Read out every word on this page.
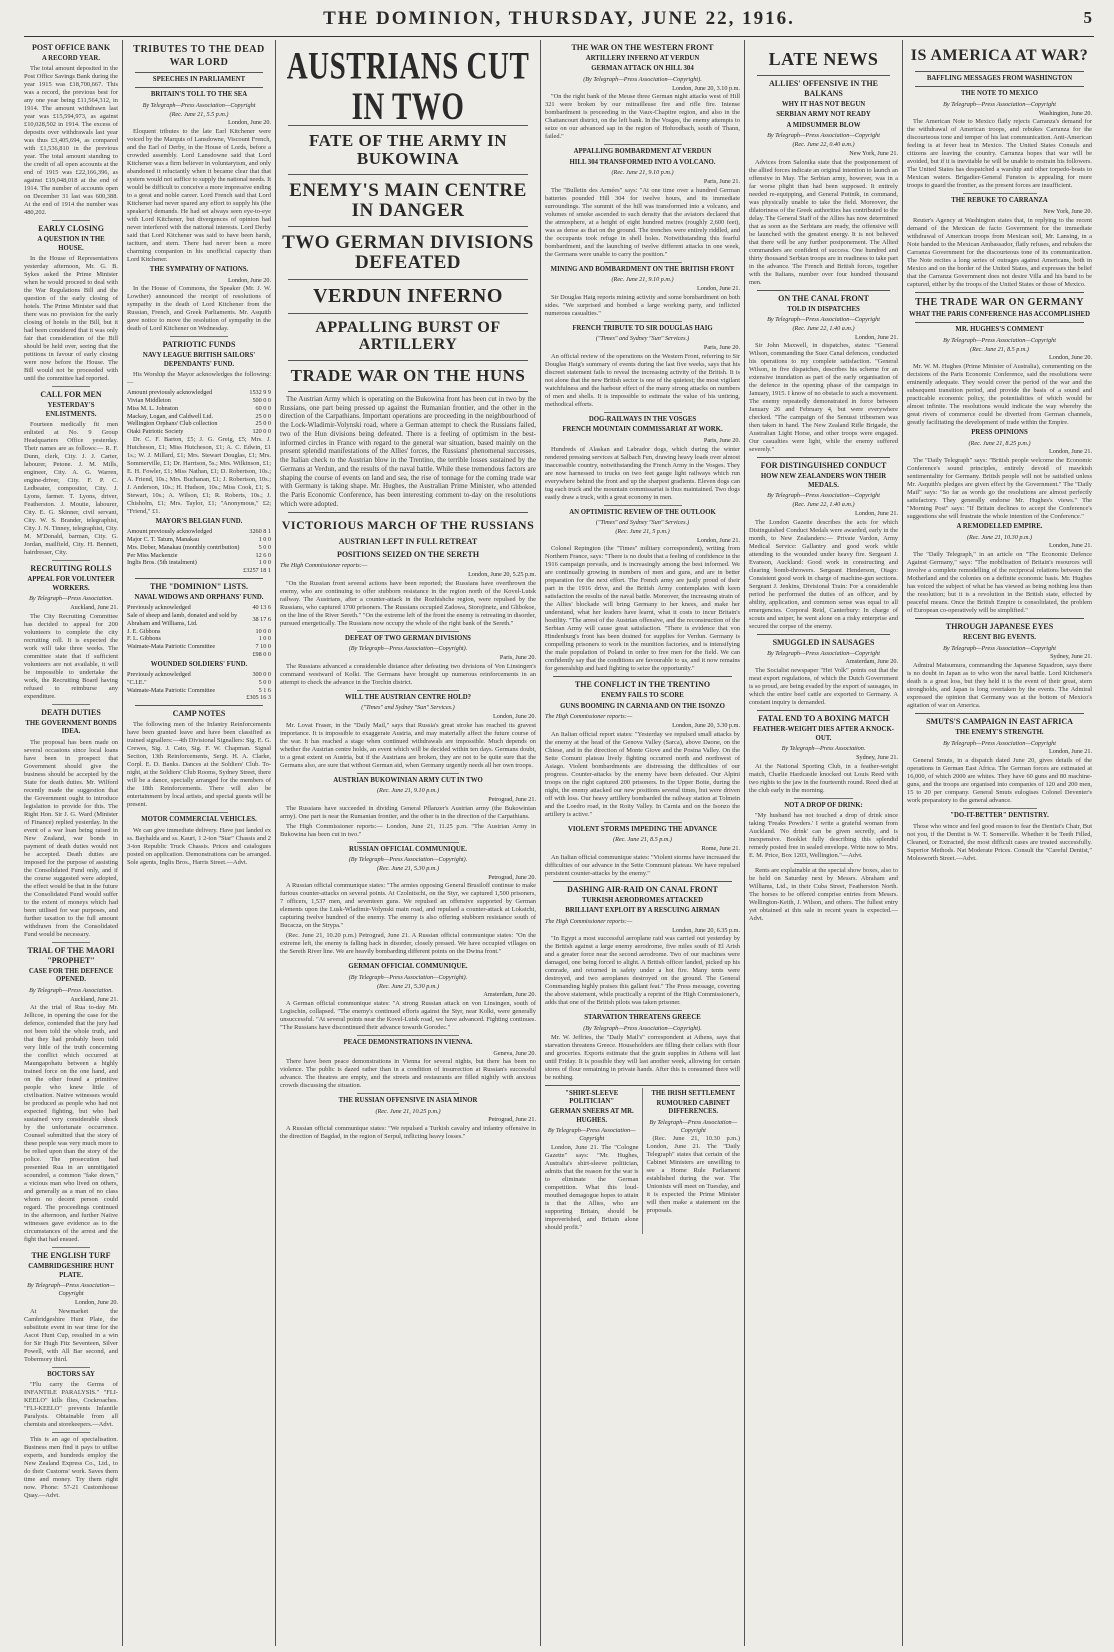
THE DOMINION, THURSDAY, JUNE 22, 1916.	5
POST OFFICE BANK
A RECORD YEAR.

The total amount deposited in the Post Office Savings Bank during the year 1915 was £18,700,667. This was a record, the previous best for any one year being £11,564,312, in 1914. The amount withdrawn last year was £15,594,973, as against £10,028,502 in 1914. The excess of deposits over withdrawals last year was thus £3,405,694, as compared with £1,536,810 in the previous year. The total amount standing to the credit of all open accounts at the end of 1915 was £22,166,396, as against £19,048,018 at the end of 1914. The number of accounts open on December 31 last was 600,388. At the end of 1914 the number was 480,202.

EARLY CLOSING
A QUESTION IN THE HOUSE.

In the House of Representatives yesterday afternoon, Mr. G. B. Sykes asked the Prime Minister when he would proceed to deal with the War Regulations Bill and the question of the early closing of hotels. The Prime Minister said that there was no provision for the early closing of hotels in the Bill, but it had been considered that it was only fair that consideration of the Bill should be held over, seeing that the petitions in favour of early closing were now before the House. The Bill would not be proceeded with until the committee had reported.

CALL FOR MEN
YESTERDAY'S ENLISTMENTS.

Fourteen medically fit men enlisted at No. 9 Group Headquarters Office yesterday. Their names are as follows:— R. F. Dunn, clerk, City. J. J. Carter, labourer, Petone. J. M. Mills, engineer, City. A. G. Warren, engine-driver, City. F. P. C. Ledbeater, compositor, City. J. Lyons, farmer. T. Lyons, driver, Featherston. J. Moutie, labourer, City. E. G. Skinner, civil servant, City. W. S. Brander, telegraphist, City. J. N. Tinney, telegraphist, City. M. M'Donald, barman, City. G. Jordan, mailfield, City. H. Bennett, hairdresser, City.

RECRUITING ROLLS
APPEAL FOR VOLUNTEER WORKERS.
By Telegraph—Press Association.
Auckland, June 21.

The City Recruiting Committee has decided to appeal for 200 volunteers to complete the city recruiting roll. It is expected the work will take three weeks. The committee state that if sufficient volunteers are not available, it will be impossible to undertake the work, the Recruiting Board having refused to reimburse any expenditure.

DEATH DUTIES
THE GOVERNMENT BONDS IDEA.

The proposal has been made on several occasions since local loans have been in prospect that Government should give the business should be accepted by the State for death duties. Mr. Wilford recently made the suggestion that the Government ought to introduce legislation to provide for this. The Right Hon. Sir J. G. Ward (Minister of Finance) replied yesterday. In the event of a war loan being raised in New Zealand, war bonds in payment of death duties would not be accepted. Death duties are imposed for the purpose of assisting the Consolidated Fund only, and if the course suggested were adopted, the effect would be that in the future the Consolidated Fund would suffer to the extent of moneys which had been utilised for war purposes, and further taxation to the full amount withdrawn from the Consolidated Fund would be necessary.

TRIAL OF THE MAORI "PROPHET"
CASE FOR THE DEFENCE OPENED.
By Telegraph—Press Association.
Auckland, June 21.

At the trial of Rua to-day Mr. Jellicoe, in opening the case for the defence, contended that the jury had not been told the whole truth, and that they had probably been told very little of the truth concerning the conflict which occurred at Maungapohatu between a highly trained force on the one hand, and on the other found a primitive people who knew little of civilisation. Native witnesses would be produced as people who had not expected fighting, but who had sustained very considerable shock by the unfortunate occurrence. Counsel submitted that the story of these people was very much more to be relied upon than the story of the police. The prosecution had presented Rua in an unmitigated scoundrel, a common "fake down," a vicious man who lived on others, and generally as a man of no class whom no decent person could regard. The proceedings continued in the afternoon, and further Native witnesses gave evidence as to the circumstances of the arrest and the fight that had ensued.

THE ENGLISH TURF
CAMBRIDGESHIRE HUNT PLATE.
By Telegraph—Press Association—Copyright
London, June 20.

At Newmarket the Cambridgeshire Hunt Plate, the substitute event in war time for the Ascot Hunt Cup, resulted in a win for Sir Hugh Fitz Seventeen, Silver Powell, with All Bar second, and Tobermory third.

BOCTORS SAY

"Flu carry the Germs of INFANTILE PARALYSIS." "FLI-KEELO" kills flies, Cockroaches. "FLI-KEELO" prevents Infantile Paralysis. Obtainable from all chemists and storekeepers.—Advt.

This is an age of specialisation. Business men find it pays to utilise experts, and hundreds employ the New Zealand Express Co., Ltd., to do their Customs' work. Saves them time and money. Try them right now. Phone: 57-21 Customhouse Quay.—Advt.

TRIBUTES TO THE DEAD WAR LORD
SPEECHES IN PARLIAMENT
BRITAIN'S TOLL TO THE SEA
By Telegraph—Press Association—Copyright
(Rec. June 21, 5.5 p.m.)
London, June 20.

Eloquent tributes to the late Earl Kitchener were voiced by the Marquis of Lansdowne, Viscount French, and the Earl of Derby, in the House of Lords, before a crowded assembly. Lord Lansdowne said that Lord Kitchener was a firm believer in voluntaryism, and only abandoned it reluctantly when it became clear that that system would not suffice to supply the national needs. It would be difficult to conceive a more impressive ending to a great and noble career. Lord French said that Lord Kitchener had never spared any effort to supply his (the speaker's) demands. He had set always seen eye-to-eye with Lord Kitchener, but divergences of opinion had never interfered with the national interests. Lord Derby said that Lord Kitchener was said to have been harsh, taciturn, and stern. There had never been a more charming companion in his unofficial capacity than Lord Kitchener.

THE SYMPATHY OF NATIONS.
London, June 20.

In the House of Commons, the Speaker (Mr. J. W. Lowther) announced the receipt of resolutions of sympathy in the death of Lord Kitchener from the Russian, French, and Greek Parliaments. Mr. Asquith gave notice to move the resolution of sympathy in the death of Lord Kitchener on Wednesday.

PATRIOTIC FUNDS
NAVY LEAGUE BRITISH SAILORS' DEPENDANTS' FUND.

His Worship the Mayor acknowledges the following:—

Amount previously acknowledged	1532 9 9
Vivian Middleton	500 0 0
Miss M. L. Johnston	60 0 0
Mackay, Logan, and Caldwell Ltd.	25 0 0
Wellington Orphans' Club collection	25 0 0
Otaki Patriotic Society	120 0 0

Dr. C. F. Barton, £5; J. G. Greig, £5; Mrs. J. Hutcheson, £1; Miss Hutcheson, £1; A. C. Edwin, £1 1s.; W. J. Millard, £1; Mrs. Stewart Douglas, £1; Mrs. Sommerville, £1; Dr. Harrison, 5s.; Mrs. Wilkinson, £1; E. H. Fowler, £1; Miss Nathan, £1; D. Robertson, 10s.; A. Friend, 10s.; Mrs. Buchanan, £1; J. Robertson, 10s.; J. Anderson, 10s.; H. Hudson, 10s.; Miss Cook, £1; S. Stewart, 10s.; A. Wilson, £1; R. Roberts, 10s.; J. Chisholm, £1; Mrs. Taylor, £1; "Anonymous," £2; "Friend," £1.

MAYOR'S BELGIAN FUND.
Amount previously acknowledged	3260 8 1
Major C. T. Tatum, Manakau	1 0 0
Mrs. Dober, Manakau (monthly contribution)	5 0 0
Per Miss Mackenzie	12 6 0
Inglis Bros. (5th instalment)	1 0 0
	£3257 18 1
THE "DOMINION" LISTS.
NAVAL WIDOWS AND ORPHANS' FUND.
Previously acknowledged	40 13 6
Sale of sheep and lamb, donated and sold by Abraham and Williams, Ltd.	38 17 6
J. E. Gibbons	10 0 0
F. L. Gibbons	1 0 0
Waimate-Mata Patriotic Committee	7 10 0
	£98 0 0
WOUNDED SOLDIERS' FUND.
Previously acknowledged	300 0 0
"C.I.E."	5 0 0
Waimate-Mata Patriotic Committee	5 1 6
	£305 16 3
CAMP NOTES

The following men of the Infantry Reinforcements have been granted leave and have been classified as trained signallers:—4th Divisional Signallers: Sig. E. G. Crewes, Sig. J. Cato, Sig. F. W. Chapman. Signal Section, 13th Reinforcements, Sergt. H. A. Clarke, Corpl. E. D. Banks. Dances at the Soldiers' Club. To-night, at the Soldiers' Club Rooms, Sydney Street, there will be a dance, specially arranged for the members of the 18th Reinforcements. There will also be entertainment by local artists, and special guests will be present.

MOTOR COMMERCIAL VEHICLES.

We can give immediate delivery. Have just landed ex ss. Bayhalda and ss. Kauri, 1 2-ton "Star" Chassis and 2 3-ton Republic Truck Chassis. Prices and catalogues posted on application. Demonstrations can be arranged. Sole agents, Inglis Bros., Harris Street.—Advt.

AUSTRIANS CUT IN TWO
FATE OF THE ARMY IN BUKOWINA
ENEMY'S MAIN CENTRE IN DANGER
TWO GERMAN DIVISIONS DEFEATED
VERDUN INFERNO
APPALLING BURST OF ARTILLERY
TRADE WAR ON THE HUNS

The Austrian Army which is operating on the Bukowina front has been cut in two by the Russians, one part being pressed up against the Rumanian frontier, and the other in the direction of the Carpathians. Important operations are proceeding in the neighbourhood of the Lock-Wladimir-Volynski road, where a German attempt to check the Russians failed, two of the Hun divisions being defeated. There is a feeling of optimism in the best-informed circles in France with regard to the general war situation, based mainly on the present splendid manifestations of the Allies' forces, the Russians' phenomenal successes, the Italian check to the Austrian blow in the Trentino, the terrible losses sustained by the Germans at Verdun, and the results of the naval battle. While these tremendous factors are shaping the course of events on land and sea, the rise of tonnage for the coming trade war with Germany is taking shape. Mr. Hughes, the Australian Prime Minister, who attended the Paris Economic Conference, has been interesting comment to-day on the resolutions which were adopted.

VICTORIOUS MARCH OF THE RUSSIANS
AUSTRIAN LEFT IN FULL RETREAT
POSITIONS SEIZED ON THE SERETH
The High Commissioner reports:—
London, June 20, 5.25 p.m.

"On the Russian front several actions have been reported; the Russians have overthrown the enemy, who are continuing to offer stubborn resistance in the region north of the Kovel-Lutsk railway. The Austrians, after a counter-attack in the Rozhishche region, were repulsed by the Russians, who captured 1700 prisoners. The Russians occupied Zadowa, Storojinetz, and Glibokoe, on the line of the River Sereth." "On the extreme left of the front the enemy is retreating in disorder, pursued energetically. The Russians now occupy the whole of the right bank of the Sereth."

DEFEAT OF TWO GERMAN DIVISIONS
(By Telegraph—Press Association—Copyright).
Paris, June 20.

The Russians advanced a considerable distance after defeating two divisions of Von Linsingen's command westward of Kolki. The Germans have brought up numerous reinforcements in an attempt to check the advance in the Torchin district.

WILL THE AUSTRIAN CENTRE HOLD?
("Times" and Sydney "Sun" Services.)
London, June 20.

Mr. Lovat Fraser, in the "Daily Mail," says that Russia's great stroke has reached its gravest importance. It is impossible to exaggerate Austria, and may materially affect the future course of the war. It has reached a stage when continued withdrawals are impossible. Much depends on whether the Austrian centre holds, an event which will be decided within ten days. Germans doubt, to a great extent on Austria, but if the Austrians are broken, they are not to be quite sure that the Germans also, are sure that without German aid, when Germany urgently needs all her own troops.

AUSTRIAN BUKOWINIAN ARMY CUT IN TWO
(Rec. June 21, 9.10 p.m.)
Petrograd, June 21.

The Russians have succeeded in dividing General Pflanzer's Austrian army (the Bukowinian army). One part is near the Rumanian frontier, and the other is in the direction of the Carpathians.

The High Commissioner reports:— London, June 21, 11.25 p.m. "The Austrian Army in Bukowina has been cut in two."

RUSSIAN OFFICIAL COMMUNIQUE.
(By Telegraph—Press Association—Copyright).
(Rec. June 21, 5.30 p.m.)
Petrograd, June 20.

A Russian official communique states: "The armies opposing General Brusiloff continue to make furious counter-attacks on several points. At Czolnitschi, on the Styr, we captured 1,500 prisoners, 7 officers, 1,537 men, and seventeen guns. We repulsed an offensive supported by German elements upon the Lusk-Wladimir-Volynski main road, and repulsed a counter-attack at Lokatchi, capturing twelve hundred of the enemy. The enemy is also offering stubborn resistance south of Bucacza, on the Strypa."

(Rec. June 21, 10.20 p.m.) Petrograd, June 21. A Russian official communique states: "On the extreme left, the enemy is falling back in disorder, closely pressed. We have occupied villages on the Sereth River line. We are heavily bombarding different points on the Dwina front."

GERMAN OFFICIAL COMMUNIQUE.
(By Telegraph—Press Association—Copyright).
(Rec. June 21, 5.30 p.m.)
Amsterdam, June 20.

A German official communique states: "A strong Russian attack on von Linsingen, south of Logischin, collapsed. "The enemy's continued efforts against the Styr, near Kolki, were generally unsuccessful. "At several points near the Kovel-Lutsk road, we have advanced. Fighting continues. "The Russians have discontinued their advance towards Gorodec."

PEACE DEMONSTRATIONS IN VIENNA.
Geneva, June 20.

There have been peace demonstrations in Vienna for several nights, but there has been no violence. The public is dazed rather than in a condition of insurrection at Russian's successful advance. The theatres are empty, and the streets and restaurants are filled nightly with anxious crowds discussing the situation.

THE RUSSIAN OFFENSIVE IN ASIA MINOR
(Rec. June 21, 10.25 p.m.)
Petrograd, June 21.

A Russian official communique states: "We repulsed a Turkish cavalry and infantry offensive in the direction of Bagdad, in the region of Serpul, inflicting heavy losses."

THE WAR ON THE WESTERN FRONT
ARTILLERY INFERNO AT VERDUN
GERMAN ATTACK ON HILL 304
(By Telegraph—Press Association—Copyright).
London, June 20, 3.10 p.m.

"On the right bank of the Meuse three German night attacks west of Hill 321 were broken by our mitrailleuse fire and rifle fire. Intense bombardment is proceeding in the Vaux-Chapitre region, and also in the Chattancourt district, on the left bank. In the Vosges, the enemy attempts to seize on our advanced sap in the region of Hohrodbach, south of Thann, failed."

APPALLING BOMBARDMENT AT VERDUN
HILL 304 TRANSFORMED INTO A VOLCANO.
(Rec. June 21, 9.10 p.m.)
Paris, June 21.

The "Bulletin des Armées" says: "At one time over a hundred German batteries pounded Hill 304 for twelve hours, and its immediate surroundings. The summit of the hill was transformed into a volcano, and volumes of smoke ascended to such density that the aviators declared that the atmosphere, at a height of eight hundred metres (roughly 2,600 feet), was as dense as that on the ground. The trenches were entirely riddled, and the occupants took refuge in shell holes. Notwithstanding this fearful bombardment, and the launching of twelve different attacks in one week, the Germans were unable to carry the position."

MINING AND BOMBARDMENT ON THE BRITISH FRONT
(Rec. June 21, 9.10 p.m.)
London, June 21.

Sir Douglas Haig reports mining activity and some bombardment on both sides. "We surprised and bombed a large working party, and inflicted numerous casualties."

FRENCH TRIBUTE TO SIR DOUGLAS HAIG
("Times" and Sydney "Sun" Services.)
Paris, June 20.

An official review of the operations on the Western Front, referring to Sir Douglas Haig's summary of events during the last five weeks, says that his discreet statement fails to reveal the increasing activity of the British. It is not alone that the new British sector is one of the quietest; the most vigilant watchfulness and the harbour effect of the many strong attacks on numbers of men and shells. It is impossible to estimate the value of his untiring, methodical efforts.

DOG-RAILWAYS IN THE VOSGES
FRENCH MOUNTAIN COMMISSARIAT AT WORK.
Paris, June 20.

Hundreds of Alaskan and Labrador dogs, which during the winter rendered pressing services at Salbach Fen, drawing heavy loads over almost inaccessible country, notwithstanding the French Army in the Vosges. They are now harnessed to trucks on two feet gauge light railways which run everywhere behind the front and up the sharpest gradients. Eleven dogs can tug each truck and the mountain commissariat is thus maintained. Two dogs easily draw a truck, with a great economy in men.

AN OPTIMISTIC REVIEW OF THE OUTLOOK
("Times" and Sydney "Sun" Services.)
(Rec. June 21, 5 p.m.)
London, June 21.

Colonel Repington (the "Times" military correspondent), writing from Northern France, says: "There is no doubt that a feeling of confidence in the 1916 campaign prevails, and is increasingly among the best informed. We are continually growing in numbers of men and guns, and are in better preparation for the next effort. The French army are justly proud of their part in the 1916 drive, and the British Army contemplates with keen satisfaction the results of the naval battle. Moreover, the increasing strain of the Allies' blockade will bring Germany to her knees, and make her understand, what her leaders have learnt, what it costs to incur Britain's hostility. "The arrest of the Austrian offensive, and the reconstruction of the Serbian Army will cause great satisfaction. "There is evidence that von Hindenburg's front has been drained for supplies for Verdun. Germany is compelling prisoners to work in the munition factories, and is intensifying the male population of Poland in order to free men for the field. We can confidently say that the conditions are favourable to us, and it now remains for generalship and hard fighting to seize the opportunity."

THE CONFLICT IN THE TRENTINO
ENEMY FAILS TO SCORE
GUNS BOOMING IN CARNIA AND ON THE ISONZO
The High Commissioner reports:—
London, June 20, 3.30 p.m.

An Italian official report states: "Yesterday we repulsed small attacks by the enemy at the head of the Genova Valley (Sarca), above Daone, on the Chiese, and in the direction of Monte Giove and the Posina Valley. On the Sette Comuni plateau lively fighting occurred north and northwest of Asiago. Violent bombardments are distressing the difficulties of our progress. Counter-attacks by the enemy have been defeated. Our Alpini troops on the right captured 200 prisoners. In the Upper Boite, during the night, the enemy attacked our new positions several times, but were driven off with loss. Our heavy artillery bombarded the railway station at Tolmein and the Loedro road, in the Roity Valley. In Carnia and on the Isonzo the artillery is active."

VIOLENT STORMS IMPEDING THE ADVANCE
(Rec. June 21, 8.5 p.m.)
Rome, June 21.

An Italian official communique states: "Violent storms have increased the difficulties of our advance in the Sette Communi plateau. We have repulsed persistent counter-attacks by the enemy."

DASHING AIR-RAID ON CANAL FRONT
TURKISH AERODROMES ATTACKED
BRILLIANT EXPLOIT BY A RESCUING AIRMAN
The High Commissioner reports:—
London, June 20, 6.35 p.m.

"In Egypt a most successful aeroplane raid was carried out yesterday by the British against a large enemy aerodrome, five miles south of El Arish and a greater force near the second aerodrome. Two of our machines were damaged, one being forced to alight. A British officer landed, picked up his comrade, and returned in safety under a hot fire. Many tents were destroyed, and two aeroplanes destroyed on the ground. The General Commanding highly praises this gallant feat." The Press message, covering the above statement, while practically a reprint of the High Commissioner's, adds that one of the British pilots was taken prisoner.

STARVATION THREATENS GREECE
(By Telegraph—Press Association—Copyright).

Mr. W. Jeffries, the "Daily Mail's" correspondent at Athens, says that starvation threatens Greece. Householders are filling their cellars with flour and groceries. Exports estimate that the grain supplies in Athens will last until Friday. It is possible they will last another week, allowing for certain stores of flour remaining in private hands. After this is consumed there will be nothing.

"SHIRT-SLEEVE POLITICIAN"
GERMAN SNEERS AT MR. HUGHES.
By Telegraph—Press Association—Copyright

London, June 21. The "Cologne Gazette" says: "Mr. Hughes, Australia's shirt-sleeve politician, admits that the reason for the war is to eliminate the German competition. What this loud-mouthed demagogue hopes to attain is that the Allies, who are supporting Britain, should be impoverished, and Britain alone should profit."

THE IRISH SETTLEMENT
RUMOURED CABINET DIFFERENCES.
By Telegraph—Press Association—Copyright

(Rec. June 21, 10.30 p.m.) London, June 21. The "Daily Telegraph" states that certain of the Cabinet Ministers are unwilling to see a Home Rule Parliament established during the war. The Unionists will meet on Tuesday, and it is expected the Prime Minister will then make a statement on the proposals.

LATE NEWS
ALLIES' OFFENSIVE IN THE BALKANS
WHY IT HAS NOT BEGUN
SERBIAN ARMY NOT READY
A MIDSUMMER BLOW
By Telegraph—Press Association—Copyright
(Rec. June 22, 0.40 a.m.)
New York, June 21.

Advices from Salonika state that the postponement of the allied forces indicate an original intention to launch an offensive in May. The Serbian army, however, was in a far worse plight than had been supposed. It entirely needed re-equipping, and General Puttnik, in command, was physically unable to take the field. Moreover, the dilatoriness of the Greek authorities has contributed to the delay. The General Staff of the Allies has now determined that as soon as the Serbians are ready, the offensive will be launched with the greatest energy. It is not believed that there will be any further postponement. The Allied commanders are confident of success. One hundred and thirty thousand Serbian troops are in readiness to take part in the advance. The French and British forces, together with the Italians, number over four hundred thousand men.

ON THE CANAL FRONT
TOLD IN DISPATCHES
By Telegraph—Press Association—Copyright
(Rec. June 22, 1.40 a.m.)
London, June 21.

Sir John Maxwell, in dispatches, states: "General Wilson, commanding the Suez Canal defences, conducted his operations to my complete satisfaction. "General Wilson, in five dispatches, describes his scheme for an extensive inundation as part of the early organisation of the defence in the opening phase of the campaign in January, 1915. I know of no obstacle to such a movement. The enemy repeatedly demonstrated in force between January 26 and February 4, but were everywhere checked. "The campaign of the Senussi tribesmen was then taken in hand. The New Zealand Rifle Brigade, the Australian Light Horse, and other troops were engaged. Our casualties were light, while the enemy suffered severely."

FOR DISTINGUISHED CONDUCT
HOW NEW ZEALANDERS WON THEIR MEDALS.
By Telegraph—Press Association—Copyright
(Rec. June 22, 1.40 a.m.)
London, June 21.

The London Gazette describes the acts for which Distinguished Conduct Medals were awarded, early in the month, to New Zealanders:— Private Vardon, Army Medical Service: Gallantry and good work while attending to the wounded under heavy fire. Sergeant J. Evanson, Auckland: Good work in constructing and clearing bomb-throwers. Sergeant Henderson, Otago: Consistent good work in charge of machine-gun sections. Sergeant J. Jenkins, Divisional Train: For a considerable period he performed the duties of an officer, and by ability, application, and common sense was equal to all emergencies. Corporal Reid, Canterbury: In charge of scouts and sniper, he went alone on a risky enterprise and secured the corpse of the enemy.

SMUGGLED IN SAUSAGES
By Telegraph—Press Association—Copyright
Amsterdam, June 20.

The Socialist newspaper "Het Volk" points out that the meat export regulations, of which the Dutch Government is so proud, are being evaded by the export of sausages, in which the entire beef cattle are exported to Germany. A constant inquiry is demanded.

FATAL END TO A BOXING MATCH
FEATHER-WEIGHT DIES AFTER A KNOCK-OUT.
By Telegraph—Press Association.
Sydney, June 21.

At the National Sporting Club, in a feather-weight match, Charlie Hardcastle knocked out Louis Reed with two rights to the jaw in the fourteenth round. Reed died at the club early in the morning.

NOT A DROP OF DRINK:

"My husband has not touched a drop of drink since taking 'Freaks Powders.' I write a grateful woman from Auckland. 'No drink' can be given secretly, and is inexpensive. Booklet fully describing this splendid remedy posted free in sealed envelope. Write now to Mrs. E. M. Price, Box 1203, Wellington."—Advt.

Rents are explainable at the special show boxes, also to be held on Saturday next by Messrs. Abraham and Williams, Ltd., in their Cuba Street, Featherston North. The horses to be offered comprise entries from Messrs. Wellington-Keith, J. Wilson, and others. The fullest entry yet obtained at this sale in recent years is expected.—Advt.

IS AMERICA AT WAR?
BAFFLING MESSAGES FROM WASHINGTON
THE NOTE TO MEXICO
By Telegraph—Press Association—Copyright
Washington, June 20.

The American Note to Mexico flatly rejects Carranza's demand for the withdrawal of American troops, and rebukes Carranza for the discourteous tone and temper of his last communication. Anti-American feeling is at fever heat in Mexico. The United States Consuls and citizens are leaving the country. Carranza hopes that war will be avoided, but if it is inevitable he will be unable to restrain his followers. The United States has despatched a warship and other torpedo-boats to Mexican waters. Brigadier-General Funston is appealing for more troops to guard the frontier, as the present forces are insufficient.

THE REBUKE TO CARRANZA
New York, June 20.

Reuter's Agency at Washington states that, in replying to the recent demand of the Mexican de facto Government for the immediate withdrawal of American troops from Mexican soil, Mr. Lansing, in a Note handed to the Mexican Ambassador, flatly refuses, and rebukes the Carranza Government for the discourteous tone of its communication. The Note recites a long series of outrages against Americans, both in Mexico and on the border of the United States, and expresses the belief that the Carranza Government does not desire Villa and his band to be captured, either by the troops of the United States or those of Mexico.

THE TRADE WAR ON GERMANY
WHAT THE PARIS CONFERENCE HAS ACCOMPLISHED
MR. HUGHES'S COMMENT
By Telegraph—Press Association—Copyright
(Rec. June 21, 8.5 p.m.)
London, June 20.

Mr. W. M. Hughes (Prime Minister of Australia), commenting on the decisions of the Paris Economic Conference, said the resolutions were eminently adequate. They would cover the period of the war and the subsequent transition period, and provide the basis of a sound and practicable economic policy, the potentialities of which would be almost infinite. The resolutions would indicate the way whereby the great rivers of commerce could be diverted from German channels, greatly facilitating the development of trade within the Empire.

PRESS OPINIONS
(Rec. June 21, 8.25 p.m.)
London, June 21.

The "Daily Telegraph" says: "British people welcome the Economic Conference's sound principles, entirely devoid of mawkish sentimentality for Germany. British people will not be satisfied unless Mr. Asquith's pledges are given effect by the Government." The "Daily Mail" says: "So far as words go the resolutions are almost perfectly satisfactory. They generally endorse Mr. Hughes's views." The "Morning Post" says: "If Britain declines to accept the Conference's suggestions she will frustrate the whole intention of the Conference."

A REMODELLED EMPIRE.
(Rec. June 21, 10.30 p.m.)
London, June 21.

The "Daily Telegraph," in an article on "The Economic Defence Against Germany," says: "The mobilisation of Britain's resources will involve a complete remodelling of the reciprocal relations between the Motherland and the colonies on a definite economic basis. Mr. Hughes has voiced the subject of what he has viewed as being nothing less than the resolution; but it is a revolution in the British state, effected by peaceful means. Once the British Empire is consolidated, the problem of European co-operatively will be simplified."

THROUGH JAPANESE EYES
RECENT BIG EVENTS.
By Telegraph—Press Association—Copyright
Sydney, June 21.

Admiral Matsumura, commanding the Japanese Squadron, says there is no doubt in Japan as to who won the naval battle. Lord Kitchener's death is a great loss, but they held it is the event of their great, stern strongholds, and Japan is long overtaken by the events. The Admiral expressed the opinion that Germany was at the bottom of Mexico's agitation of war on America.

SMUTS'S CAMPAIGN IN EAST AFRICA
THE ENEMY'S STRENGTH.
By Telegraph—Press Association—Copyright
London, June 21.

General Smuts, in a dispatch dated June 20, gives details of the operations in German East Africa. The German forces are estimated at 16,000, of which 2000 are whites. They have 60 guns and 80 machine-guns, and the troops are organised into companies of 120 and 200 men, 15 to 20 per company. General Smuts eulogises Colonel Deventer's work preparatory to the general advance.

"DO-IT-BETTER" DENTISTRY.

Those who wince and feel good reason to fear the Dentist's Chair, But not you, if the Dentist is W. T. Somerville. Whether it be Teeth Filled, Cleaned, or Extracted, the most difficult cases are treated successfully. Superior Methods. Nat Moderate Prices. Consult the "Careful Dentist," Molesworth Street.—Advt.
